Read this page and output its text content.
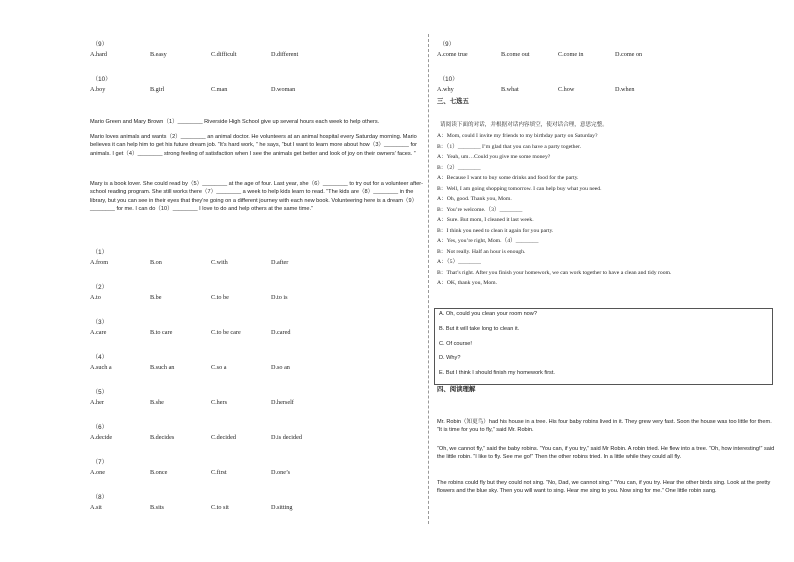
（9）
A.hard	B.easy	C.difficult	D.different
（10）
A.boy	B.girl	C.man	D.woman
Mario Green and Mary Brown（1）________ Riverside High School give up several hours each week to help others.
Mario loves animals and wants（2）________ an animal doctor. He volunteers at an animal hospital every Saturday morning. Mario believes it can help him to get his future dream job. “It’s hard work, ” he says, “but I want to learn more about how（3）________ for animals. I get（4）________ strong feeling of satisfaction when I see the animals get better and look of joy on their owners’ faces. ”
Mary is a book lover. She could read by（5）________ at the age of four. Last year, she（6）________ to try out for a volunteer after-school reading program. She still works there（7）________ a week to help kids learn to read. “The kids are（8）________ in the library, but you can see in their eyes that they’re going on a different journey with each new book. Volunteering here is a dream（9）________ for me. I can do（10）________ I love to do and help others at the same time.”
（1）
A.from	B.on	C.with	D.after
（2）
A.to	B.be	C.to be	D.to is
（3）
A.care	B.to care	C.to be care	D.cared
（4）
A.such a	B.such an	C.so a	D.so an
（5）
A.her	B.she	C.hers	D.herself
（6）
A.decide	B.decides	C.decided	D.is decided
（7）
A.one	B.once	C.first	D.one’s
（8）
A.sit	B.sits	C.to sit	D.sitting
（9）
A.come true	B.come out	C.come in	D.come on
（10）
A.why	B.what	C.how	D.when
三、七选五
请阅读下面的对话，并根据对话内容填空，使对话合理，意思完整。
A：Mom, could I invite my friends to my birthday party on Saturday?
B：（1）________ I’m glad that you can have a party together.
A：Yeah, um…Could you give me some money?
B：（2）________
A：Because I want to buy some drinks and food for the party.
B：Well, I am going shopping tomorrow. I can help buy what you need.
A：Oh, good. Thank you, Mom.
B：You’re welcome.（3）________
A：Sure. But mom, I cleaned it last week.
B：I think you need to clean it again for you party.
A：Yes, you’re right, Mom.（4）________
B：Not really. Half an hour is enough.
A：（5）________
B：That’s right. After you finish your homework, we can work together to have a clean and tidy room.
A：OK, thank you, Mom.
A. Oh, could you clean your room now?
B. But it will take long to clean it.
C. Of course!
D. Why?
E. But I think I should finish my homework first.
四、阅读理解
Mr. Robin（知更鸟）had his house in a tree. His four baby robins lived in it. They grew very fast. Soon the house was too little for them. “It is time for you to fly,” said Mr. Robin.
“Oh, we cannot fly,” said the baby robins. “You can, if you try,” said Mr Robin. A robin tried. He flew into a tree. “Oh, how interesting!” said the little robin. “I like to fly. See me go!” Then the other robins tried. In a little while they could all fly.
The robins could fly but they could not sing. “No, Dad, we cannot sing.” “You can, if you try. Hear the other birds sing. Look at the pretty flowers and the blue sky. Then you will want to sing. Hear me sing to you. Now sing for me.” One little robin sang.
